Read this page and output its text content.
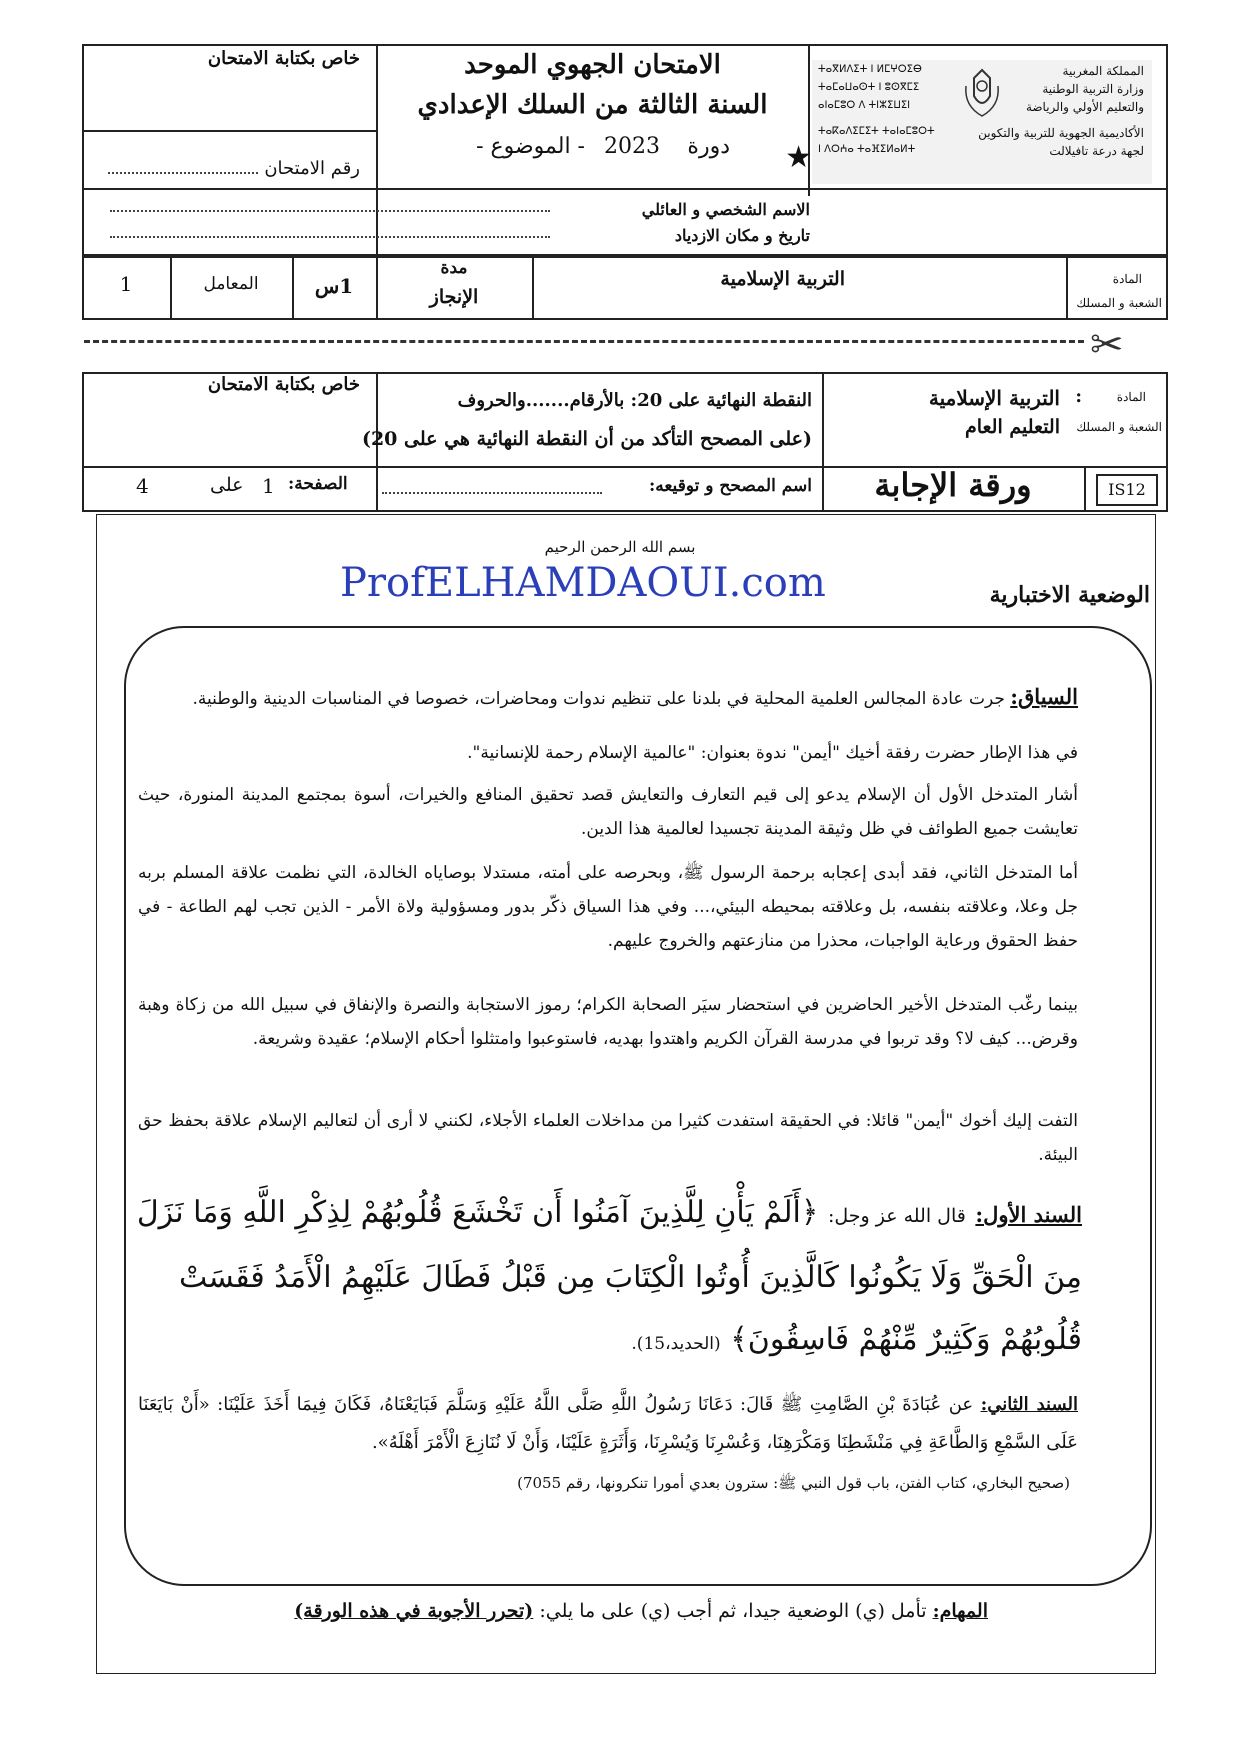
خاص بكتابة الامتحان
رقم الامتحان
الامتحان الجهوي الموحد
السنة الثالثة من السلك الإعدادي
دورة
2023
- الموضوع -	★
المملكة المغربية
وزارة التربية الوطنية
والتعليم الأولي والرياضة
الأكاديمية الجهوية للتربية والتكوين
لجهة درعة تافيلالت
ⵜⴰⴳⵍⴷⵉⵜ ⵏ ⵍⵎⵖⵔⵉⴱ
ⵜⴰⵎⴰⵡⴰⵙⵜ ⵏ ⵓⵙⴳⵎⵉ
ⴰⵏⴰⵎⵓⵔ ⴷ ⵜⵏⵣⵉⵡⵉⵏ
ⵜⴰⴽⴰⴷⵉⵎⵉⵜ ⵜⴰⵏⴰⵎⵓⵔⵜ
ⵏ ⴷⵔⵄⴰ ⵜⴰⴼⵉⵍⴰⵍⵜ
الاسم الشخصي و العائلي
تاريخ و مكان الازدياد
1	المعامل	1س
مدة
الإنجاز
التربية الإسلامية	المادة
الشعبة و المسلك
✂
خاص بكتابة الامتحان
4	على 1 الصفحة:
النقطة النهائية على 20: بالأرقام.......والحروف
(على المصحح التأكد من أن النقطة النهائية هي على 20)
اسم المصحح و توقيعه:
التربية الإسلامية :	المادة
التعليم العام الشعبة و المسلك
ورقة الإجابة	IS12
بسم الله الرحمن الرحيم
ProfELHAMDAOUI.com	الوضعية الاختبارية
السياق: جرت عادة المجالس العلمية المحلية في بلدنا على تنظيم ندوات ومحاضرات، خصوصا في المناسبات الدينية والوطنية.
في هذا الإطار حضرت رفقة أخيك "أيمن" ندوة بعنوان: "عالمية الإسلام رحمة للإنسانية".
أشار المتدخل الأول أن الإسلام يدعو إلى قيم التعارف والتعايش قصد تحقيق المنافع والخيرات، أسوة بمجتمع المدينة المنورة، حيث تعايشت جميع الطوائف في ظل وثيقة المدينة تجسيدا لعالمية هذا الدين.
أما المتدخل الثاني، فقد أبدى إعجابه برحمة الرسول ﷺ، وبحرصه على أمته، مستدلا بوصاياه الخالدة، التي نظمت علاقة المسلم بربه جل وعلا، وعلاقته بنفسه، بل وعلاقته بمحيطه البيئي،... وفي هذا السياق ذكّر بدور ومسؤولية ولاة الأمر - الذين تجب لهم الطاعة - في حفظ الحقوق ورعاية الواجبات، محذرا من منازعتهم والخروج عليهم.
بينما رغّب المتدخل الأخير الحاضرين في استحضار سيَر الصحابة الكرام؛ رموز الاستجابة والنصرة والإنفاق في سبيل الله من زكاة وهبة وقرض... كيف لا؟ وقد تربوا في مدرسة القرآن الكريم واهتدوا بهديه، فاستوعبوا وامتثلوا أحكام الإسلام؛ عقيدة وشريعة.
التفت إليك أخوك "أيمن" قائلا: في الحقيقة استفدت كثيرا من مداخلات العلماء الأجلاء، لكنني لا أرى أن لتعاليم الإسلام علاقة بحفظ حق البيئة.
السند الأول: قال الله عز وجل: ﴿أَلَمْ يَأْنِ لِلَّذِينَ آمَنُوا أَن تَخْشَعَ قُلُوبُهُمْ لِذِكْرِ اللَّهِ وَمَا نَزَلَ مِنَ الْحَقِّ وَلَا يَكُونُوا كَالَّذِينَ أُوتُوا الْكِتَابَ مِن قَبْلُ فَطَالَ عَلَيْهِمُ الْأَمَدُ فَقَسَتْ قُلُوبُهُمْ وَكَثِيرٌ مِّنْهُمْ فَاسِقُونَ﴾ (الحديد،15).
السند الثاني: عن عُبَادَةَ بْنِ الصَّامِتِ ﷺ قَالَ: دَعَانَا رَسُولُ اللَّهِ صَلَّى اللَّهُ عَلَيْهِ وَسَلَّمَ فَبَايَعْنَاهُ، فَكَانَ فِيمَا أَخَذَ عَلَيْنَا: «أَنْ بَايَعَنَا عَلَى السَّمْعِ وَالطَّاعَةِ فِي مَنْشَطِنَا وَمَكْرَهِنَا، وَعُسْرِنَا وَيُسْرِنَا، وَأَثَرَةٍ عَلَيْنَا، وَأَنْ لَا نُنَازِعَ الْأَمْرَ أَهْلَهُ».
(صحيح البخاري، كتاب الفتن، باب قول النبي ﷺ: سترون بعدي أمورا تنكرونها، رقم 7055)
المهام: تأمل (ي) الوضعية جيدا، ثم أجب (ي) على ما يلي: (تحرر الأجوبة في هذه الورقة)
